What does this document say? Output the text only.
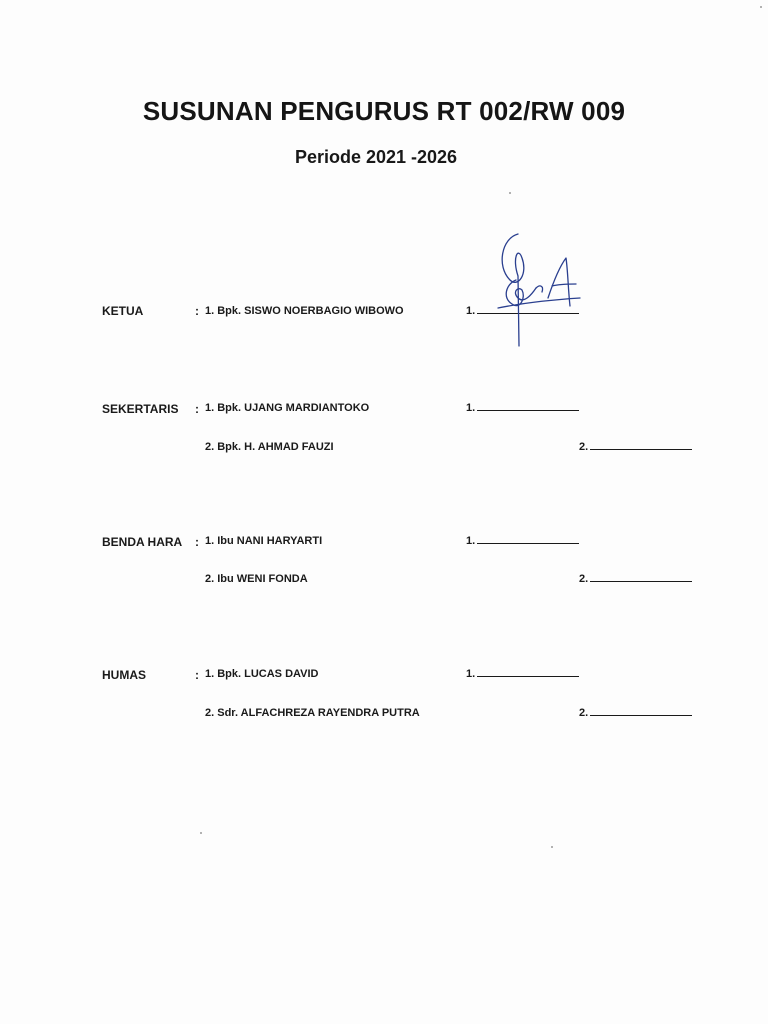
SUSUNAN PENGURUS RT 002/RW 009
Periode 2021 -2026
KETUA	: 1. Bpk. SISWO NOERBAGIO WIBOWO	1.
SEKERTARIS : 1. Bpk. UJANG MARDIANTOKO	1.
2. Bpk. H. AHMAD FAUZI	2.
BENDA HARA : 1. Ibu NANI HARYARTI	1.
2. Ibu WENI FONDA	2.
HUMAS	: 1. Bpk. LUCAS DAVID	1.
2. Sdr. ALFACHREZA RAYENDRA PUTRA	2.
